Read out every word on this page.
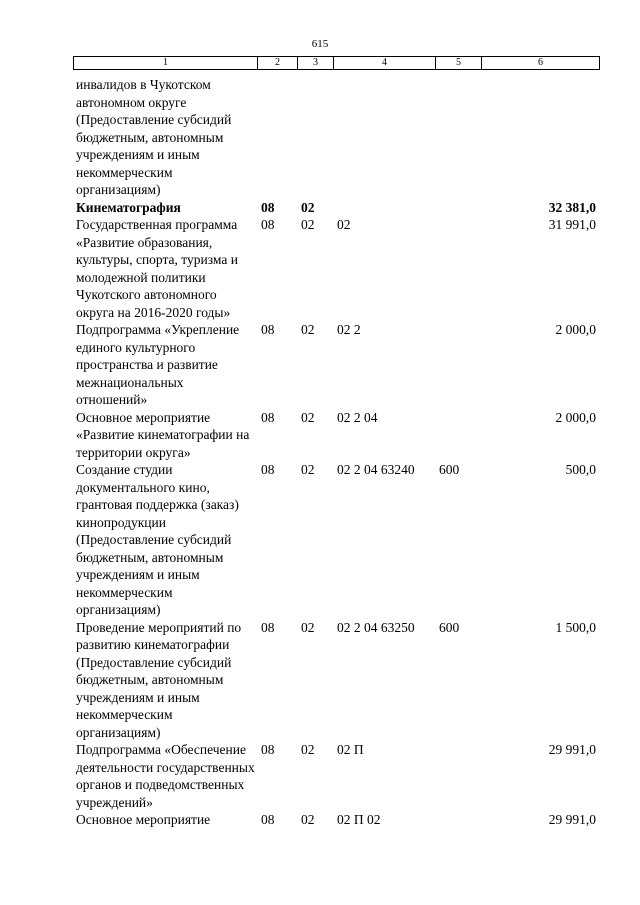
615
1	2	3	4	5	6
инвалидов в Чукотском автономном округе (Предоставление субсидий бюджетным, автономным учреждениям и иным некоммерческим организациям)					
Кинематография	08	02			32 381,0
Государственная программа «Развитие образования, культуры, спорта, туризма и молодежной политики Чукотского автономного округа на 2016-2020 годы»	08	02	02		31 991,0
Подпрограмма «Укрепление единого культурного пространства и развитие межнациональных отношений»	08	02	02 2		2 000,0
Основное мероприятие «Развитие кинематографии на территории округа»	08	02	02 2 04		2 000,0
Создание студии документального кино, грантовая поддержка (заказ) кинопродукции (Предоставление субсидий бюджетным, автономным учреждениям и иным некоммерческим организациям)	08	02	02 2 04 63240	600	500,0
Проведение мероприятий по развитию кинематографии (Предоставление субсидий бюджетным, автономным учреждениям и иным некоммерческим организациям)	08	02	02 2 04 63250	600	1 500,0
Подпрограмма «Обеспечение деятельности государственных органов и подведомственных учреждений»	08	02	02 П		29 991,0
Основное мероприятие	08	02	02 П 02		29 991,0
